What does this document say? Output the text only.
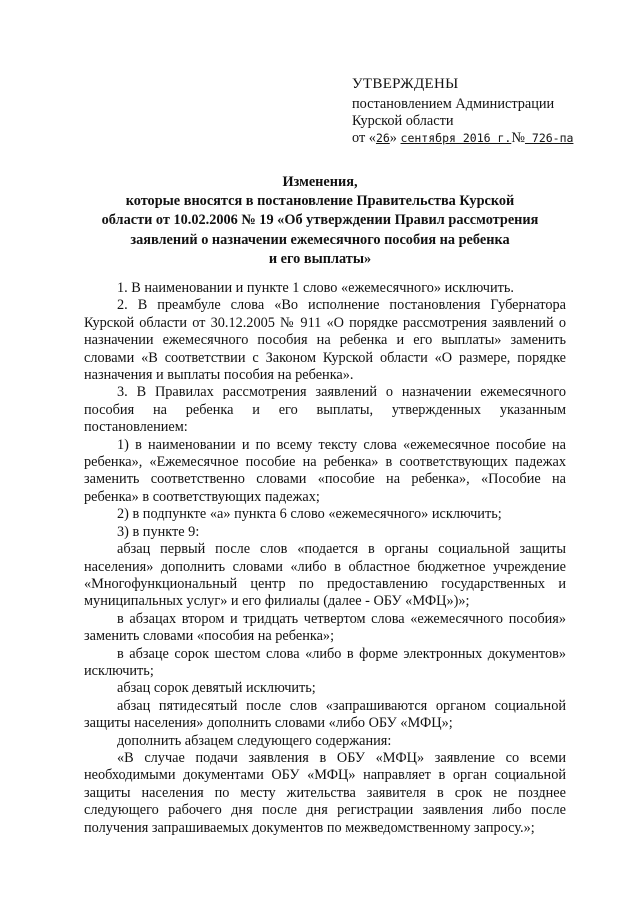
УТВЕРЖДЕНЫ
постановлением Администрации
Курской области
от «26» сентября 2016 г.№ 726-па
Изменения,
которые вносятся в постановление Правительства Курской
области от 10.02.2006 № 19 «Об утверждении Правил рассмотрения
заявлений о назначении ежемесячного пособия на ребенка
и его выплаты»

1. В наименовании и пункте 1 слово «ежемесячного» исключить.

2. В преамбуле слова «Во исполнение постановления Губернатора Курской области от 30.12.2005 № 911 «О порядке рассмотрения заявлений о назначении ежемесячного пособия на ребенка и его выплаты» заменить словами «В соответствии с Законом Курской области «О размере, порядке назначения и выплаты пособия на ребенка».

3. В Правилах рассмотрения заявлений о назначении ежемесячного пособия на ребенка и его выплаты, утвержденных указанным постановлением:

1) в наименовании и по всему тексту слова «ежемесячное пособие на ребенка», «Ежемесячное пособие на ребенка» в соответствующих падежах заменить соответственно словами «пособие на ребенка», «Пособие на ребенка» в соответствующих падежах;

2) в подпункте «а» пункта 6 слово «ежемесячного» исключить;

3) в пункте 9:

абзац первый после слов «подается в органы социальной защиты населения» дополнить словами «либо в областное бюджетное учреждение «Многофункциональный центр по предоставлению государственных и муниципальных услуг» и его филиалы (далее - ОБУ «МФЦ»)»;

в абзацах втором и тридцать четвертом слова «ежемесячного пособия» заменить словами «пособия на ребенка»;

в абзаце сорок шестом слова «либо в форме электронных документов» исключить;

абзац сорок девятый исключить;

абзац пятидесятый после слов «запрашиваются органом социальной защиты населения» дополнить словами «либо ОБУ «МФЦ»;

дополнить абзацем следующего содержания:

«В случае подачи заявления в ОБУ «МФЦ» заявление со всеми необходимыми документами ОБУ «МФЦ» направляет в орган социальной защиты населения по месту жительства заявителя в срок не позднее следующего рабочего дня после дня регистрации заявления либо после получения запрашиваемых документов по межведомственному запросу.»;
